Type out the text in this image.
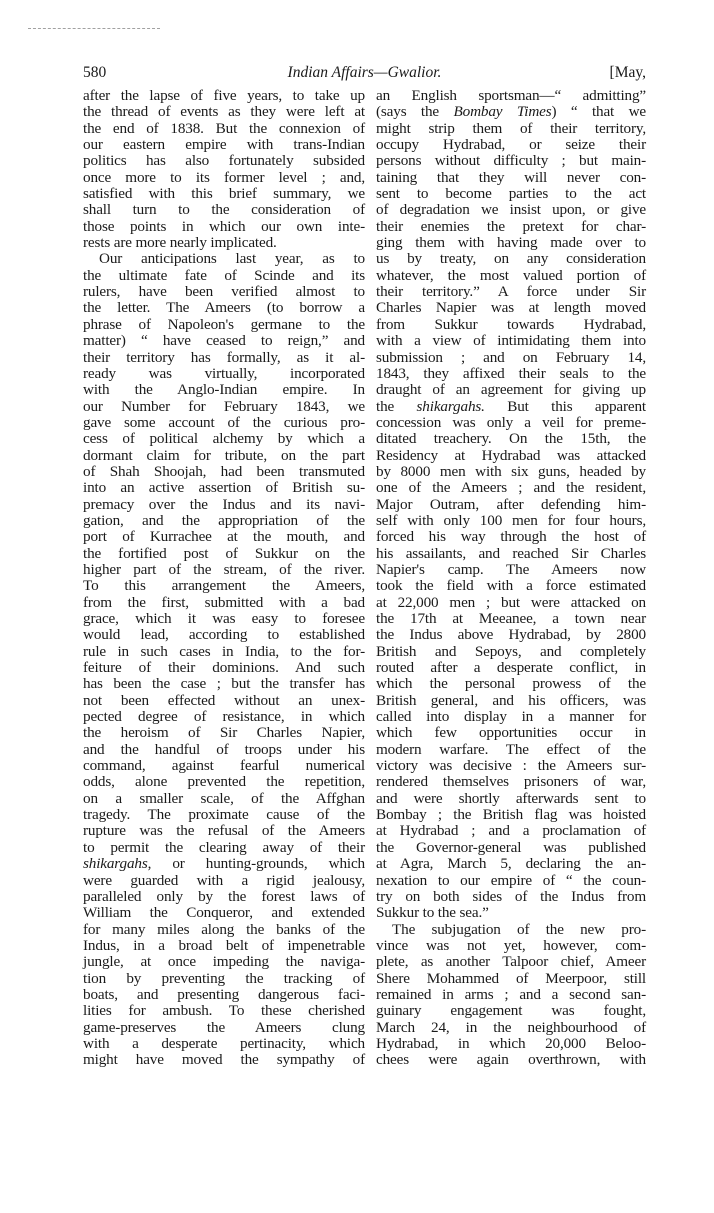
580	Indian Affairs—Gwalior.	[May,
after the lapse of five years, to take up
the thread of events as they were left at
the end of 1838. But the connexion of
our eastern empire with trans-Indian
politics has also fortunately subsided
once more to its former level ; and,
satisfied with this brief summary, we
shall turn to the consideration of
those points in which our own inte-
rests are more nearly implicated.
Our anticipations last year, as to
the ultimate fate of Scinde and its
rulers, have been verified almost to
the letter. The Ameers (to borrow a
phrase of Napoleon's germane to the
matter) “ have ceased to reign,” and
their territory has formally, as it al-
ready was virtually, incorporated
with the Anglo-Indian empire. In
our Number for February 1843, we
gave some account of the curious pro-
cess of political alchemy by which a
dormant claim for tribute, on the part
of Shah Shoojah, had been transmuted
into an active assertion of British su-
premacy over the Indus and its navi-
gation, and the appropriation of the
port of Kurrachee at the mouth, and
the fortified post of Sukkur on the
higher part of the stream, of the river.
To this arrangement the Ameers,
from the first, submitted with a bad
grace, which it was easy to foresee
would lead, according to established
rule in such cases in India, to the for-
feiture of their dominions. And such
has been the case ; but the transfer has
not been effected without an unex-
pected degree of resistance, in which
the heroism of Sir Charles Napier,
and the handful of troops under his
command, against fearful numerical
odds, alone prevented the repetition,
on a smaller scale, of the Affghan
tragedy. The proximate cause of the
rupture was the refusal of the Ameers
to permit the clearing away of their
shikargahs, or hunting-grounds, which
were guarded with a rigid jealousy,
paralleled only by the forest laws of
William the Conqueror, and extended
for many miles along the banks of the
Indus, in a broad belt of impenetrable
jungle, at once impeding the naviga-
tion by preventing the tracking of
boats, and presenting dangerous faci-
lities for ambush. To these cherished
game-preserves the Ameers clung
with a desperate pertinacity, which
might have moved the sympathy of
an English sportsman—“ admitting”
(says the Bombay Times) “ that we
might strip them of their territory,
occupy Hydrabad, or seize their
persons without difficulty ; but main-
taining that they will never con-
sent to become parties to the act
of degradation we insist upon, or give
their enemies the pretext for char-
ging them with having made over to
us by treaty, on any consideration
whatever, the most valued portion of
their territory.” A force under Sir
Charles Napier was at length moved
from Sukkur towards Hydrabad,
with a view of intimidating them into
submission ; and on February 14,
1843, they affixed their seals to the
draught of an agreement for giving up
the shikargahs. But this apparent
concession was only a veil for preme-
ditated treachery. On the 15th, the
Residency at Hydrabad was attacked
by 8000 men with six guns, headed by
one of the Ameers ; and the resident,
Major Outram, after defending him-
self with only 100 men for four hours,
forced his way through the host of
his assailants, and reached Sir Charles
Napier's camp. The Ameers now
took the field with a force estimated
at 22,000 men ; but were attacked on
the 17th at Meeanee, a town near
the Indus above Hydrabad, by 2800
British and Sepoys, and completely
routed after a desperate conflict, in
which the personal prowess of the
British general, and his officers, was
called into display in a manner for
which few opportunities occur in
modern warfare. The effect of the
victory was decisive : the Ameers sur-
rendered themselves prisoners of war,
and were shortly afterwards sent to
Bombay ; the British flag was hoisted
at Hydrabad ; and a proclamation of
the Governor-general was published
at Agra, March 5, declaring the an-
nexation to our empire of “ the coun-
try on both sides of the Indus from
Sukkur to the sea.”
The subjugation of the new pro-
vince was not yet, however, com-
plete, as another Talpoor chief, Ameer
Shere Mohammed of Meerpoor, still
remained in arms ; and a second san-
guinary engagement was fought,
March 24, in the neighbourhood of
Hydrabad, in which 20,000 Beloo-
chees were again overthrown, with
